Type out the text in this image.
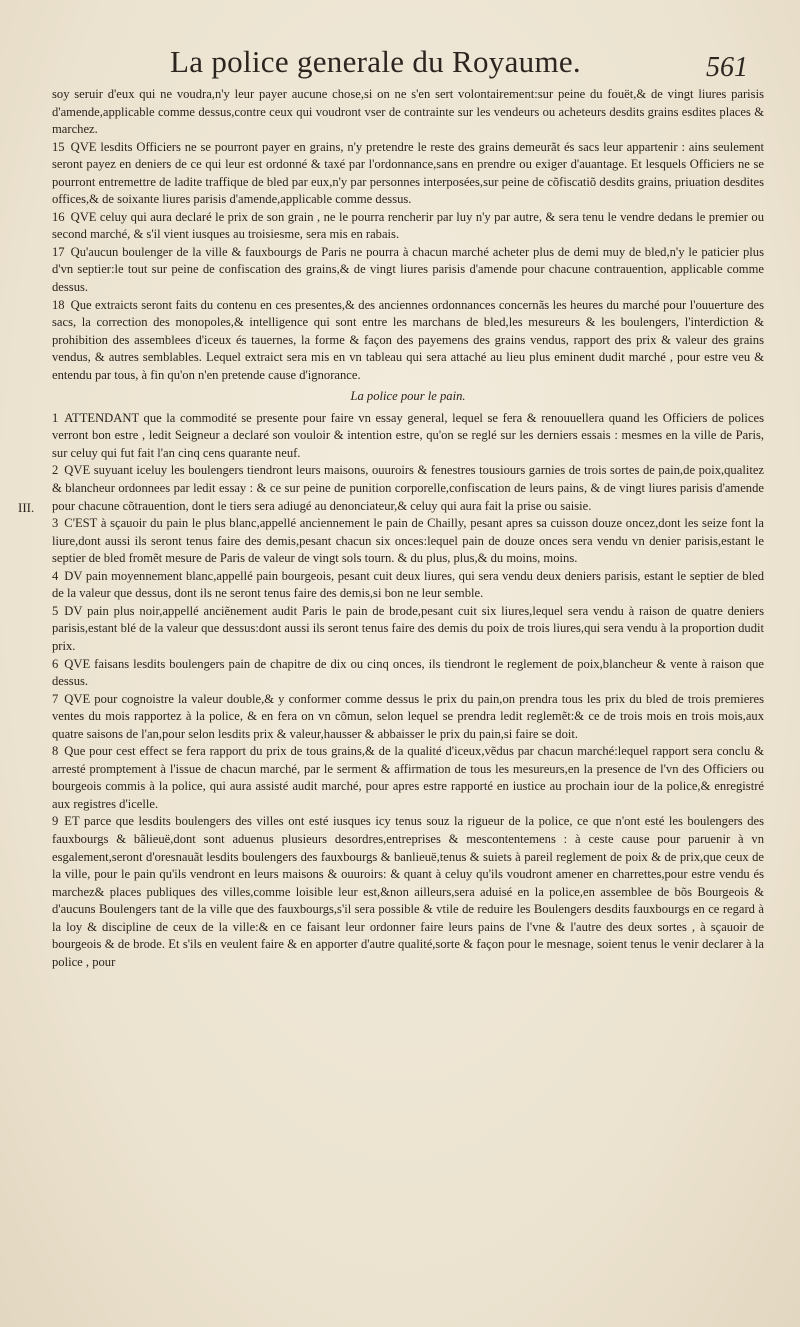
La police generale du Royaume.	561
III.

soy seruir d'eux qui ne voudra,n'y leur payer aucune chose,si on ne s'en sert volontairement:sur peine du fouët,& de vingt liures parisis d'amende,applicable comme dessus,contre ceux qui voudront vser de contrainte sur les vendeurs ou acheteurs desdits grains esdites places & marchez.

15 QVE lesdits Officiers ne se pourront payer en grains, n'y pretendre le reste des grains demeurãt és sacs leur appartenir : ains seulement seront payez en deniers de ce qui leur est ordonné & taxé par l'ordonnance,sans en prendre ou exiger d'auantage. Et lesquels Officiers ne se pourront entremettre de ladite traffique de bled par eux,n'y par personnes interposées,sur peine de cõfiscatiõ desdits grains, priuation desdites offices,& de soixante liures parisis d'amende,applicable comme dessus.

16 QVE celuy qui aura declaré le prix de son grain , ne le pourra rencherir par luy n'y par autre, & sera tenu le vendre dedans le premier ou second marché, & s'il vient iusques au troisiesme, sera mis en rabais.

17 Qu'aucun boulenger de la ville & fauxbourgs de Paris ne pourra à chacun marché acheter plus de demi muy de bled,n'y le paticier plus d'vn septier:le tout sur peine de confiscation des grains,& de vingt liures parisis d'amende pour chacune contrauention, applicable comme dessus.

18 Que extraicts seront faits du contenu en ces presentes,& des anciennes ordonnances concernãs les heures du marché pour l'ouuerture des sacs, la correction des monopoles,& intelligence qui sont entre les marchans de bled,les mesureurs & les boulengers, l'interdiction & prohibition des assemblees d'iceux és tauernes, la forme & façon des payemens des grains vendus, rapport des prix & valeur des grains vendus, & autres semblables. Lequel extraict sera mis en vn tableau qui sera attaché au lieu plus eminent dudit marché , pour estre veu & entendu par tous, à fin qu'on n'en pretende cause d'ignorance.

La police pour le pain.

1 ATTENDANT que la commodité se presente pour faire vn essay general, lequel se fera & renouuellera quand les Officiers de polices verront bon estre , ledit Seigneur a declaré son vouloir & intention estre, qu'on se reglé sur les derniers essais : mesmes en la ville de Paris, sur celuy qui fut fait l'an cinq cens quarante neuf.

2 QVE suyuant iceluy les boulengers tiendront leurs maisons, ouuroirs & fenestres tousiours garnies de trois sortes de pain,de poix,qualitez & blancheur ordonnees par ledit essay : & ce sur peine de punition corporelle,confiscation de leurs pains, & de vingt liures parisis d'amende pour chacune cõtrauention, dont le tiers sera adiugé au denonciateur,& celuy qui aura fait la prise ou saisie.

3 C'EST à sçauoir du pain le plus blanc,appellé anciennement le pain de Chailly, pesant apres sa cuisson douze oncez,dont les seize font la liure,dont aussi ils seront tenus faire des demis,pesant chacun six onces:lequel pain de douze onces sera vendu vn denier parisis,estant le septier de bled fromẽt mesure de Paris de valeur de vingt sols tourn. & du plus, plus,& du moins, moins.

4 DV pain moyennement blanc,appellé pain bourgeois, pesant cuit deux liures, qui sera vendu deux deniers parisis, estant le septier de bled de la valeur que dessus, dont ils ne seront tenus faire des demis,si bon ne leur semble.

5 DV pain plus noir,appellé anciẽnement audit Paris le pain de brode,pesant cuit six liures,lequel sera vendu à raison de quatre deniers parisis,estant blé de la valeur que dessus:dont aussi ils seront tenus faire des demis du poix de trois liures,qui sera vendu à la proportion dudit prix.

6 QVE faisans lesdits boulengers pain de chapitre de dix ou cinq onces, ils tiendront le reglement de poix,blancheur & vente à raison que dessus.

7 QVE pour cognoistre la valeur double,& y conformer comme dessus le prix du pain,on prendra tous les prix du bled de trois premieres ventes du mois rapportez à la police, & en fera on vn cõmun, selon lequel se prendra ledit reglemẽt:& ce de trois mois en trois mois,aux quatre saisons de l'an,pour selon lesdits prix & valeur,hausser & abbaisser le prix du pain,si faire se doit.

8 Que pour cest effect se fera rapport du prix de tous grains,& de la qualité d'iceux,vẽdus par chacun marché:lequel rapport sera conclu & arresté promptement à l'issue de chacun marché, par le serment & affirmation de tous les mesureurs,en la presence de l'vn des Officiers ou bourgeois commis à la police, qui aura assisté audit marché, pour apres estre rapporté en iustice au prochain iour de la police,& enregistré aux registres d'icelle.

9 ET parce que lesdits boulengers des villes ont esté iusques icy tenus souz la rigueur de la police, ce que n'ont esté les boulengers des fauxbourgs & bãlieuë,dont sont aduenus plusieurs desordres,entreprises & mescontentemens : à ceste cause pour paruenir à vn esgalement,seront d'oresnauãt lesdits boulengers des fauxbourgs & banlieuë,tenus & suiets à pareil reglement de poix & de prix,que ceux de la ville, pour le pain qu'ils vendront en leurs maisons & ouuroirs: & quant à celuy qu'ils voudront amener en charrettes,pour estre vendu és marchez& places publiques des villes,comme loisible leur est,&non ailleurs,sera aduisé en la police,en assemblee de bõs Bourgeois & d'aucuns Boulengers tant de la ville que des fauxbourgs,s'il sera possible & vtile de reduire les Boulengers desdits fauxbourgs en ce regard à la loy & discipline de ceux de la ville:& en ce faisant leur ordonner faire leurs pains de l'vne & l'autre des deux sortes , à sçauoir de bourgeois & de brode. Et s'ils en veulent faire & en apporter d'autre qualité,sorte & façon pour le mesnage, soient tenus le venir declarer à la police , pour
